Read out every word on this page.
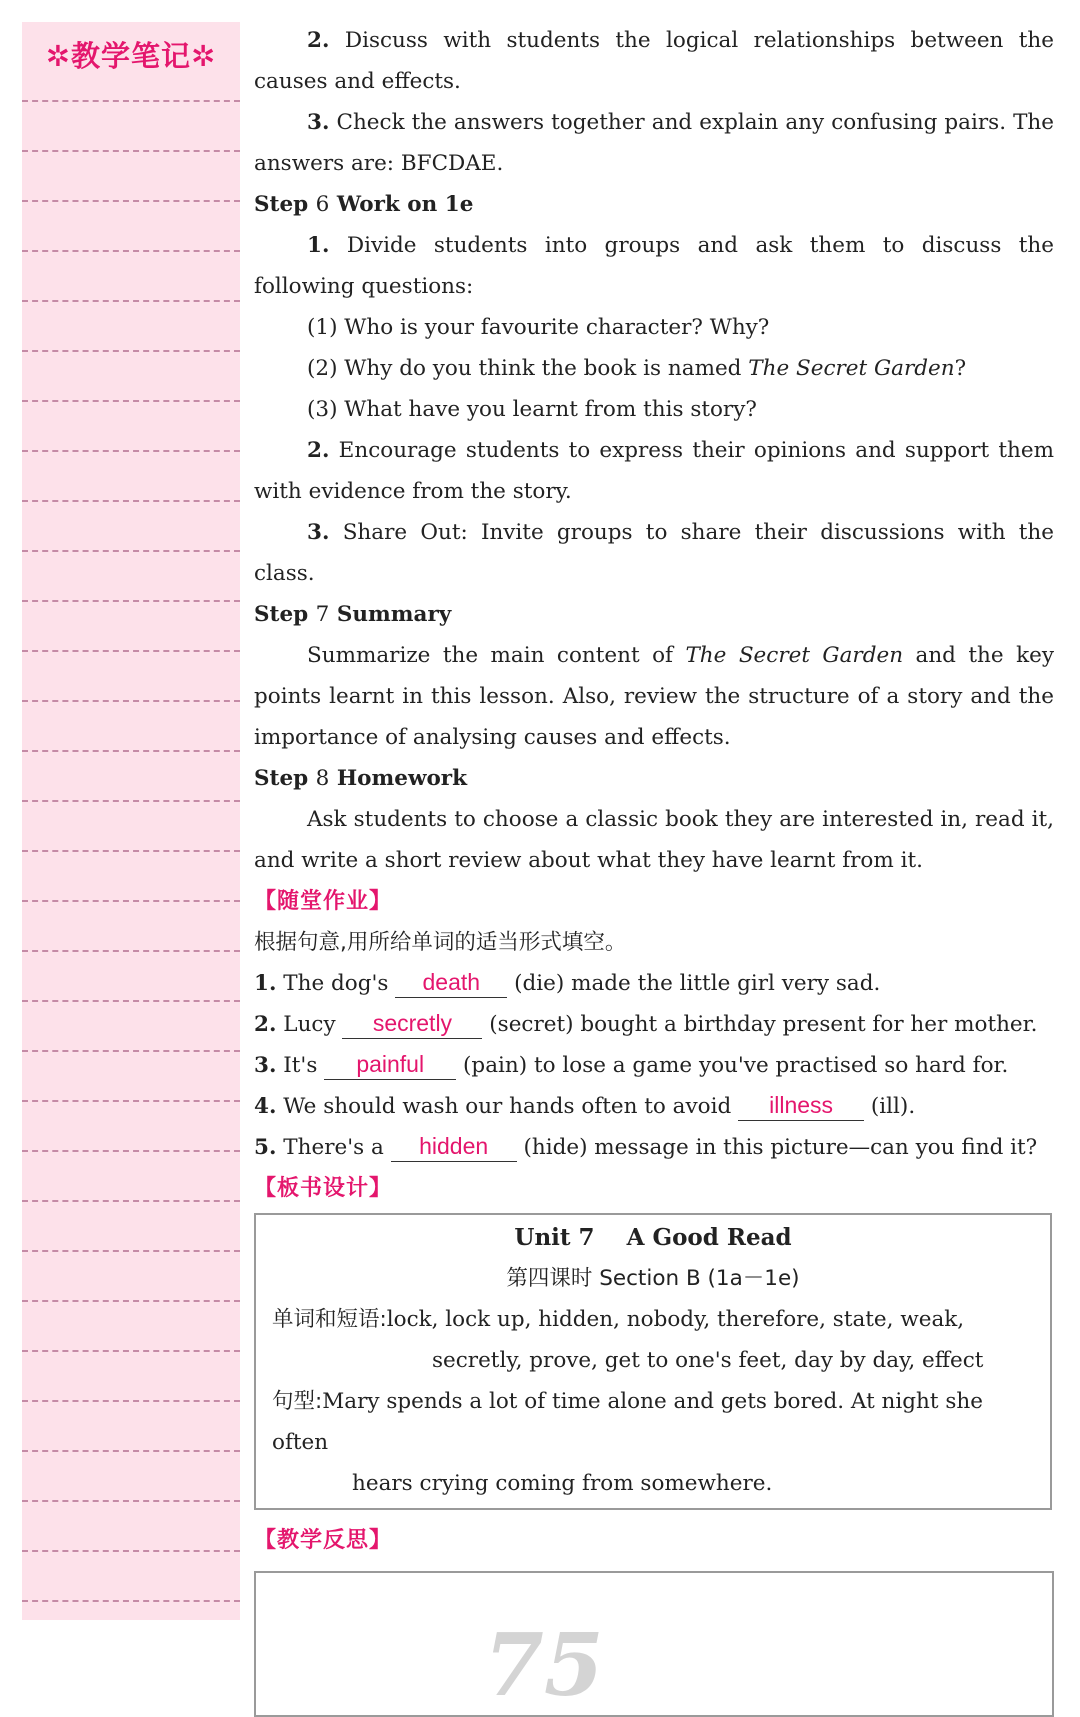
✲教学笔记✲	2. Discuss with students the logical relationships between the causes and effects.

3. Check the answers together and explain any confusing pairs. The answers are: BFCDAE.

Step 6 Work on 1e

1. Divide students into groups and ask them to discuss the following questions:

(1) Who is your favourite character? Why?

(2) Why do you think the book is named The Secret Garden?

(3) What have you learnt from this story?

2. Encourage students to express their opinions and support them with evidence from the story.

3. Share Out: Invite groups to share their discussions with the class.

Step 7 Summary

Summarize the main content of The Secret Garden and the key points learnt in this lesson. Also, review the structure of a story and the importance of analysing causes and effects.

Step 8 Homework

Ask students to choose a classic book they are interested in, read it, and write a short review about what they have learnt from it.

【随堂作业】

根据句意,用所给单词的适当形式填空。

1. The dog's death (die) made the little girl very sad.

2. Lucy secretly (secret) bought a birthday present for her mother.

3. It's painful (pain) to lose a game you've practised so hard for.

4. We should wash our hands often to avoid illness (ill).

5. There's a hidden (hide) message in this picture—can you find it?

【板书设计】

Unit 7    A Good Read

第四课时 Section B (1a－1e)

单词和短语:lock, lock up, hidden, nobody, therefore, state, weak,

secretly, prove, get to one's feet, day by day, effect

句型:Mary spends a lot of time alone and gets bored. At night she often

hears crying coming from somewhere.

【教学反思】

75
